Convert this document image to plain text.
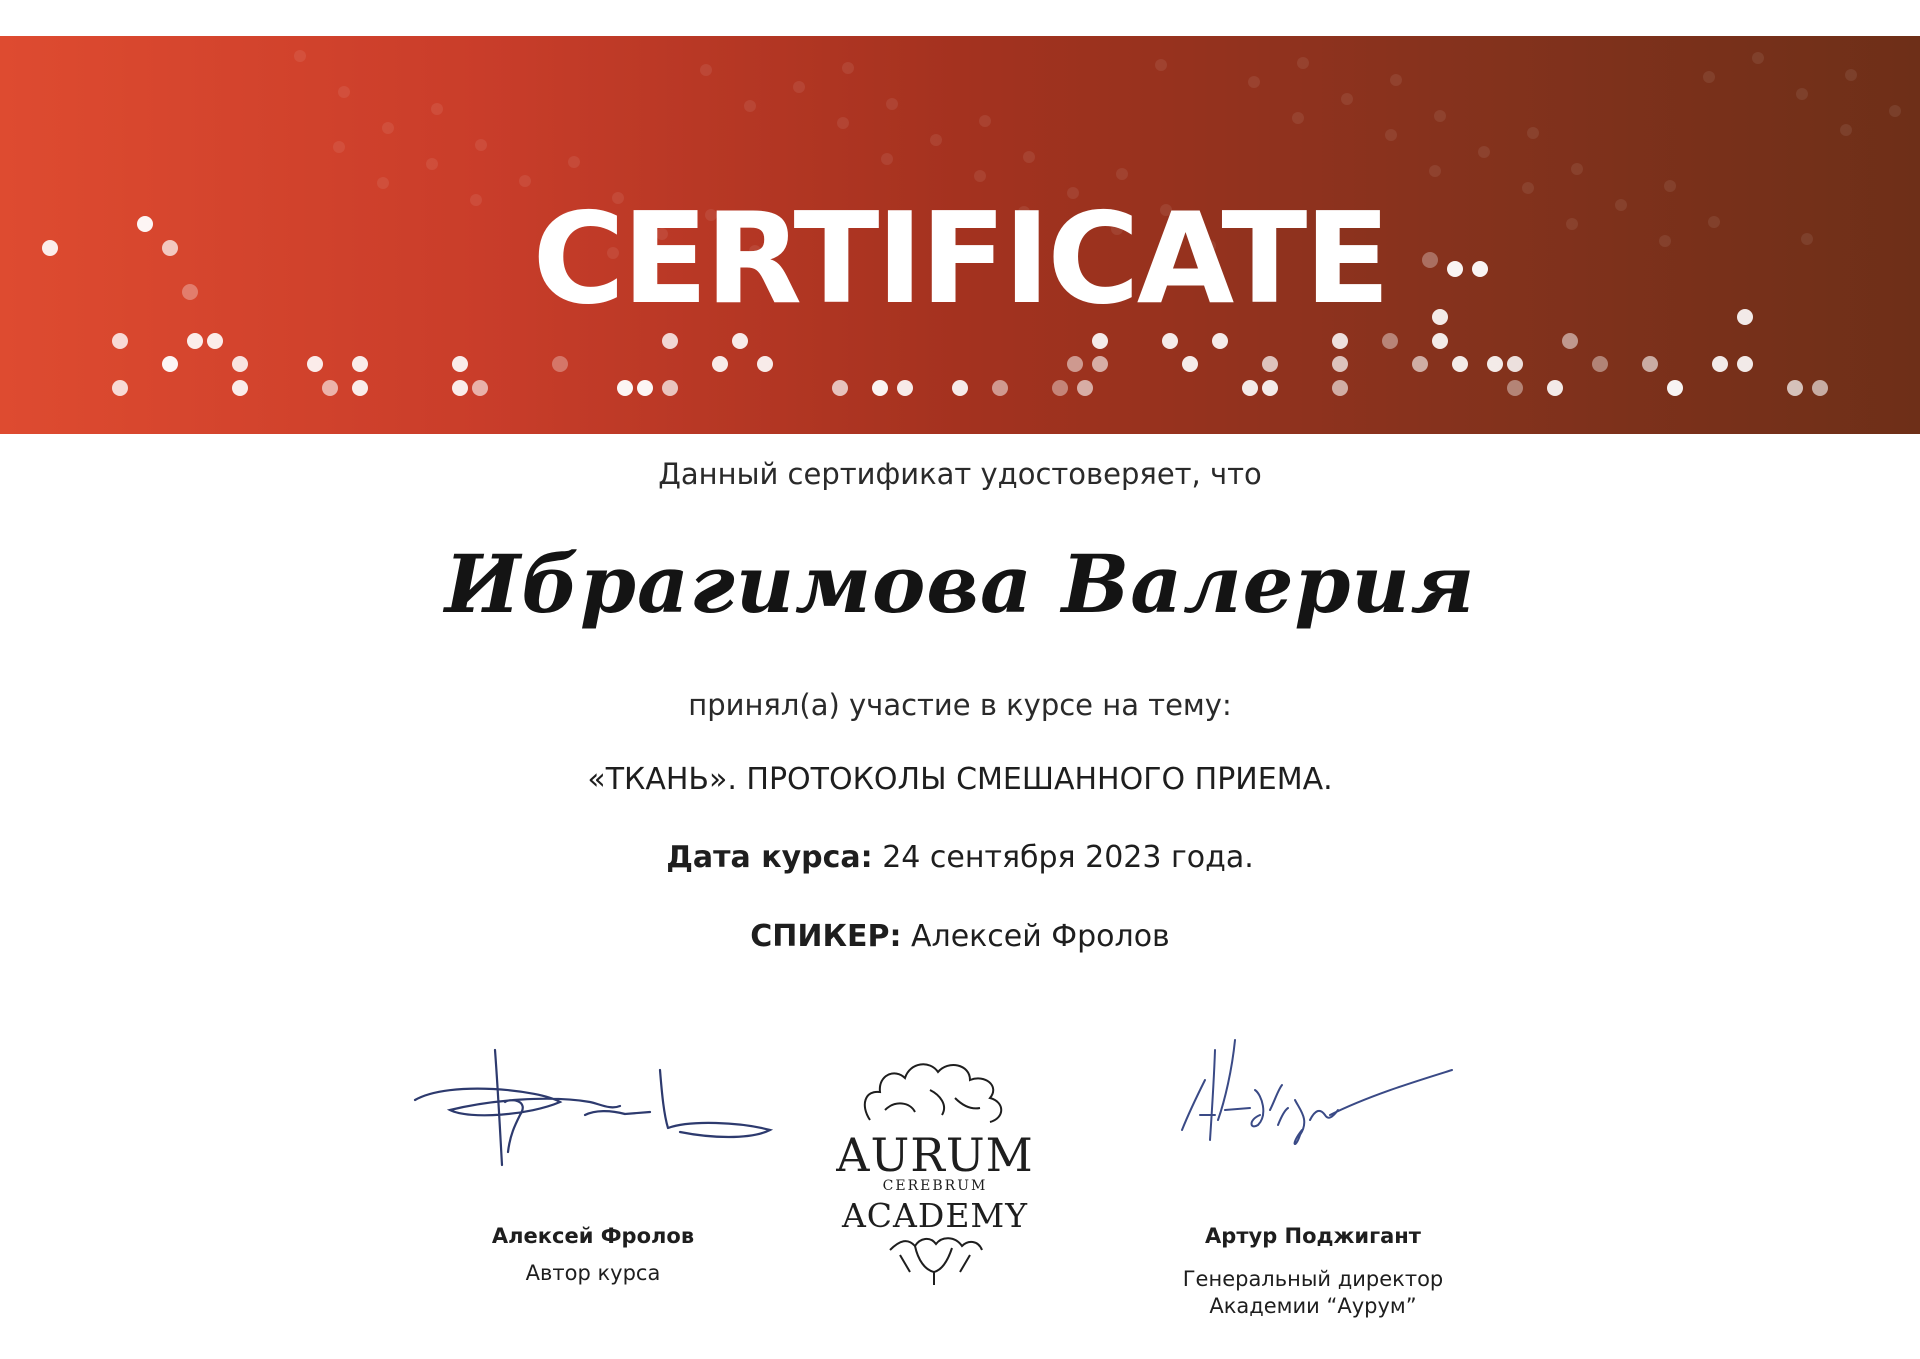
CERTIFICATE

Данный сертификат удостоверяет, что

Ибрагимова Валерия

принял(а) участие в курсе на тему:

«ТКАНЬ». ПРОТОКОЛЫ СМЕШАННОГО ПРИЕМА.

Дата курса: 24 сентября 2023 года.

СПИКЕР: Алексей Фролов

Алексей Фролов

Автор курса

Артур Поджигант

Генеральный директор
Академии “Аурум”

AURUM

CEREBRUM

ACADEMY
